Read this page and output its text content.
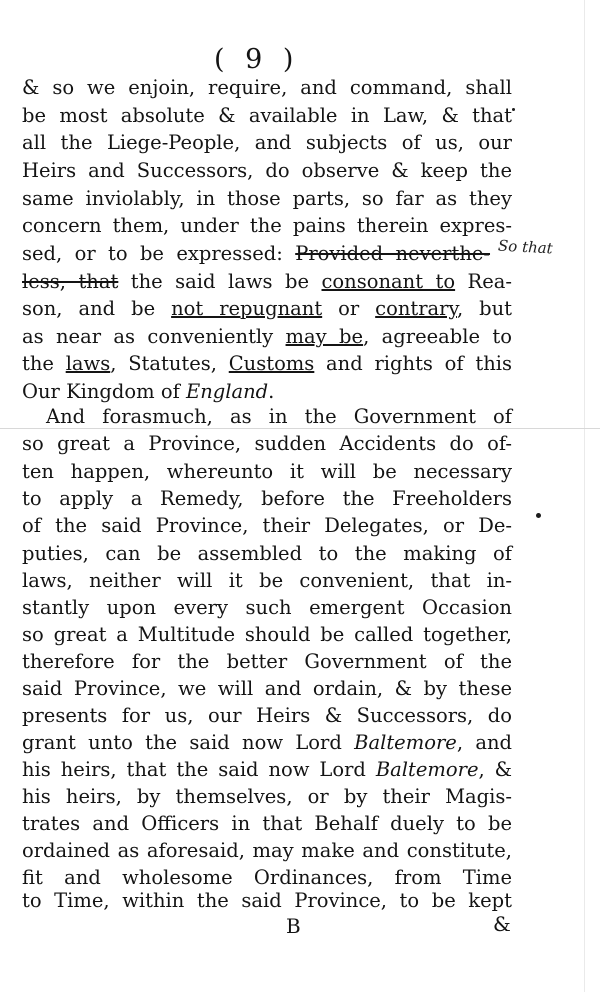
( 9 )
& so we enjoin, require, and command, shall
be most absolute & available in Law, & that
all the Liege-People, and subjects of us, our
Heirs and Successors, do observe & keep the
same inviolably, in those parts, so far as they
concern them, under the pains therein expres-
sed, or to be expressed: Provided neverthe-
less, that the said laws be consonant to Rea-
son, and be not repugnant or contrary, but
as near as conveniently may be, agreeable to
the laws, Statutes, Customs and rights of this
Our Kingdom of England.
And forasmuch, as in the Government of
so great a Province, sudden Accidents do of-
ten happen, whereunto it will be necessary
to apply a Remedy, before the Freeholders
of the said Province, their Delegates, or De-
puties, can be assembled to the making of
laws, neither will it be convenient, that in-
stantly upon every such emergent Occasion
so great a Multitude should be called together,
therefore for the better Government of the
said Province, we will and ordain, & by these
presents for us, our Heirs & Successors, do
grant unto the said now Lord Baltemore, and
his heirs, that the said now Lord Baltemore, &
his heirs, by themselves, or by their Magis-
trates and Officers in that Behalf duely to be
ordained as aforesaid, may make and constitute,
fit and wholesome Ordinances, from Time
to Time, within the said Province, to be kept
So that
B	&
